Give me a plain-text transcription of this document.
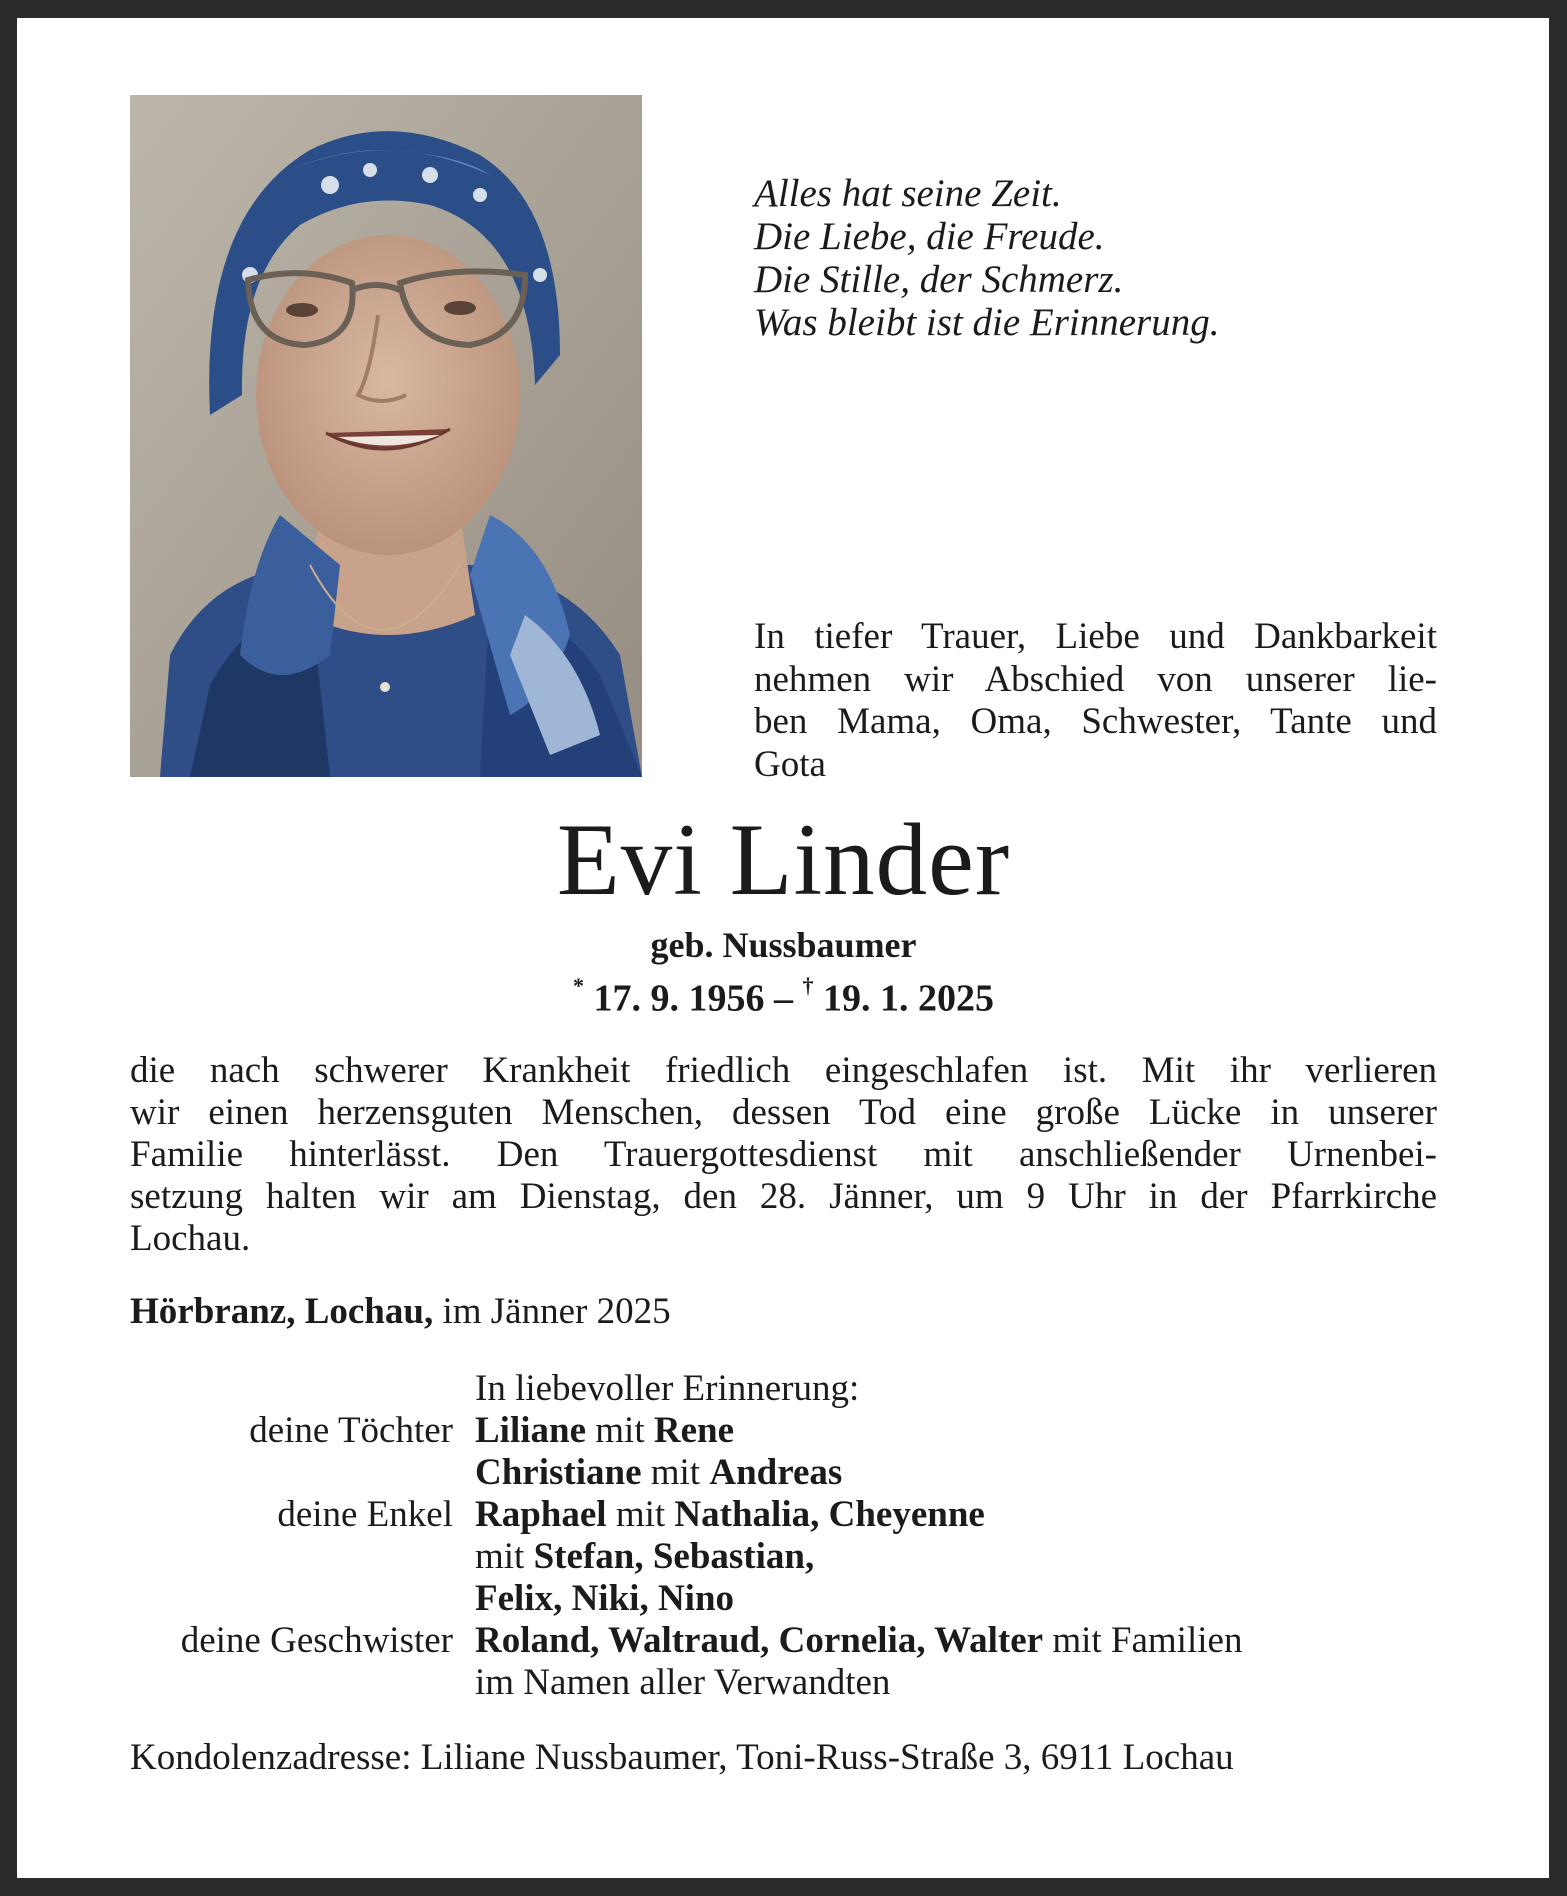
Alles hat seine Zeit.
Die Liebe, die Freude.
Die Stille, der Schmerz.
Was bleibt ist die Erinnerung.
In tiefer Trauer, Liebe und Dankbarkeit
nehmen wir Abschied von unserer lie-
ben Mama, Oma, Schwester, Tante und
Gota
Evi Linder
geb. Nussbaumer
* 17. 9. 1956 – † 19. 1. 2025
die nach schwerer Krankheit friedlich eingeschlafen ist. Mit ihr verlieren
wir einen herzensguten Menschen, dessen Tod eine große Lücke in unserer
Familie hinterlässt. Den Trauergottesdienst mit anschließender Urnenbei-
setzung halten wir am Dienstag, den 28. Jänner, um 9 Uhr in der Pfarrkirche
Lochau.
Hörbranz, Lochau, im Jänner 2025
In liebevoller Erinnerung:
deine Töchter Liliane mit Rene
Christiane mit Andreas
deine Enkel Raphael mit Nathalia, Cheyenne
mit Stefan, Sebastian,
Felix, Niki, Nino
deine Geschwister Roland, Waltraud, Cornelia, Walter mit Familien
im Namen aller Verwandten
Kondolenzadresse: Liliane Nussbaumer, Toni-Russ-Straße 3, 6911 Lochau
